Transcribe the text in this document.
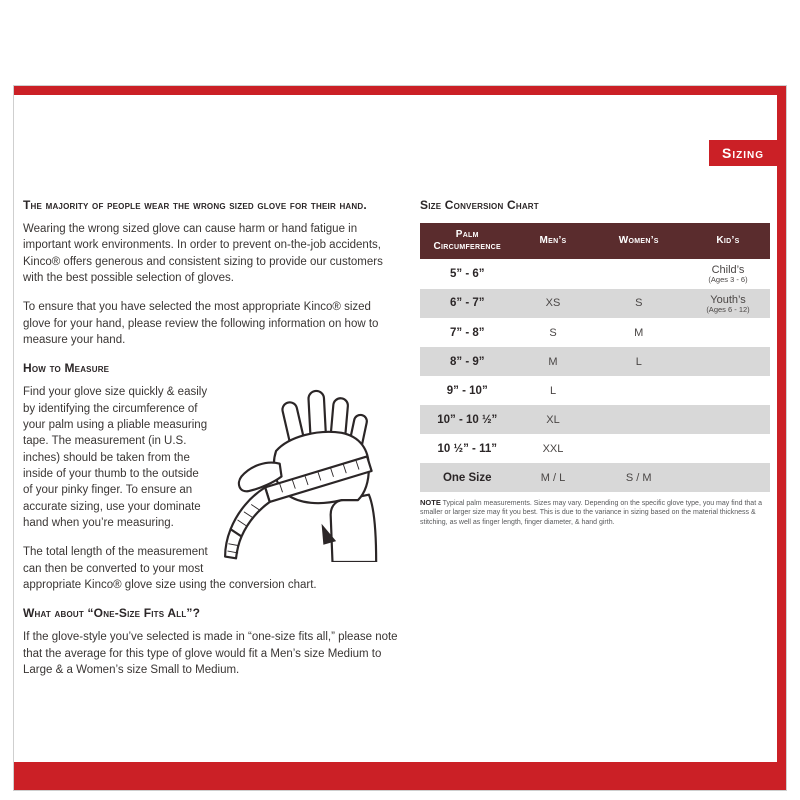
Sizing
The majority of people wear the wrong sized glove for their hand.

Wearing the wrong sized glove can cause harm or hand fatigue in important work environments. In order to prevent on-the-job accidents, Kinco® offers generous and consistent sizing to provide our customers with the best possible selection of gloves.

To ensure that you have selected the most appropriate Kinco® sized glove for your hand, please review the following information on how to measure your hand.

How to Measure

Find your glove size quickly & easily by identifying the circumference of your palm using a pliable measuring tape. The measurement (in U.S. inches) should be taken from the inside of your thumb to the outside of your pinky finger. To ensure an accurate sizing, use your dominate hand when you’re measuring.

The total length of the measurement can then be converted to your most appropriate Kinco® glove size using the conversion chart.

What about “One-Size Fits All”?

If the glove-style you’ve selected is made in “one-size fits all,” please note that the average for this type of glove would fit a Men’s size Medium to Large & a Women’s size Small to Medium.

Size Conversion Chart
Palm Circumference	Men’s	Women’s	Kid’s
5” - 6”			Child’s
(Ages 3 - 6)

6” - 7”	XS	S	Youth’s
(Ages 6 - 12)

7” - 8”	S	M	
8” - 9”	M	L	
9” - 10”	L		
10” - 10 ½”	XL		
10 ½” - 11”	XXL		
One Size	M / L	S / M	
NOTE Typical palm measurements. Sizes may vary. Depending on the specific glove type, you may find that a smaller or larger size may fit you best. This is due to the variance in sizing based on the material thickness & stitching, as well as finger length, finger diameter, & hand girth.
